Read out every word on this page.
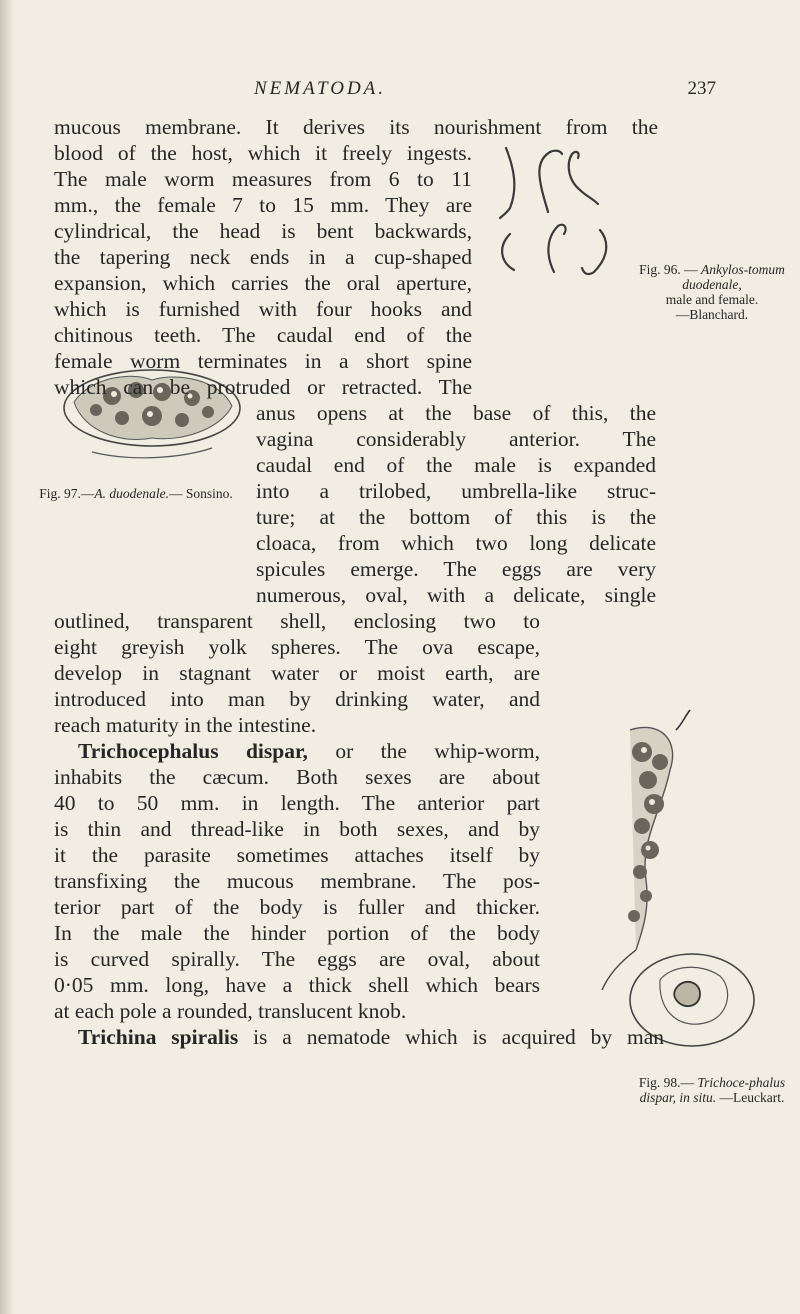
NEMATODA.	237
Fig. 96. — Ankylos-tomum duodenale,
male and female.
—Blanchard.
Fig. 97.—A. duodenale.— Sonsino.
Fig. 98.— Trichoce-phalus dispar, in situ. —Leuckart.
mucous membrane. It derives its nourishment from the
blood of the host, which it freely ingests.
The male worm measures from 6 to 11
mm., the female 7 to 15 mm. They are
cylindrical, the head is bent backwards,
the tapering neck ends in a cup-shaped
expansion, which carries the oral aperture,
which is furnished with four hooks and
chitinous teeth. The caudal end of the
female worm terminates in a short spine
which can be protruded or retracted. The
anus opens at the base of this, the
vagina considerably anterior. The
caudal end of the male is expanded
into a trilobed, umbrella-like struc-
ture; at the bottom of this is the
cloaca, from which two long delicate
spicules emerge. The eggs are very
numerous, oval, with a delicate, single
outlined, transparent shell, enclosing two to
eight greyish yolk spheres. The ova escape,
develop in stagnant water or moist earth, are
introduced into man by drinking water, and
reach maturity in the intestine.
Trichocephalus dispar, or the whip-worm,
inhabits the cæcum. Both sexes are about
40 to 50 mm. in length. The anterior part
is thin and thread-like in both sexes, and by
it the parasite sometimes attaches itself by
transfixing the mucous membrane. The pos-
terior part of the body is fuller and thicker.
In the male the hinder portion of the body
is curved spirally. The eggs are oval, about
0·05 mm. long, have a thick shell which bears
at each pole a rounded, translucent knob.
Trichina spiralis is a nematode which is acquired by man
